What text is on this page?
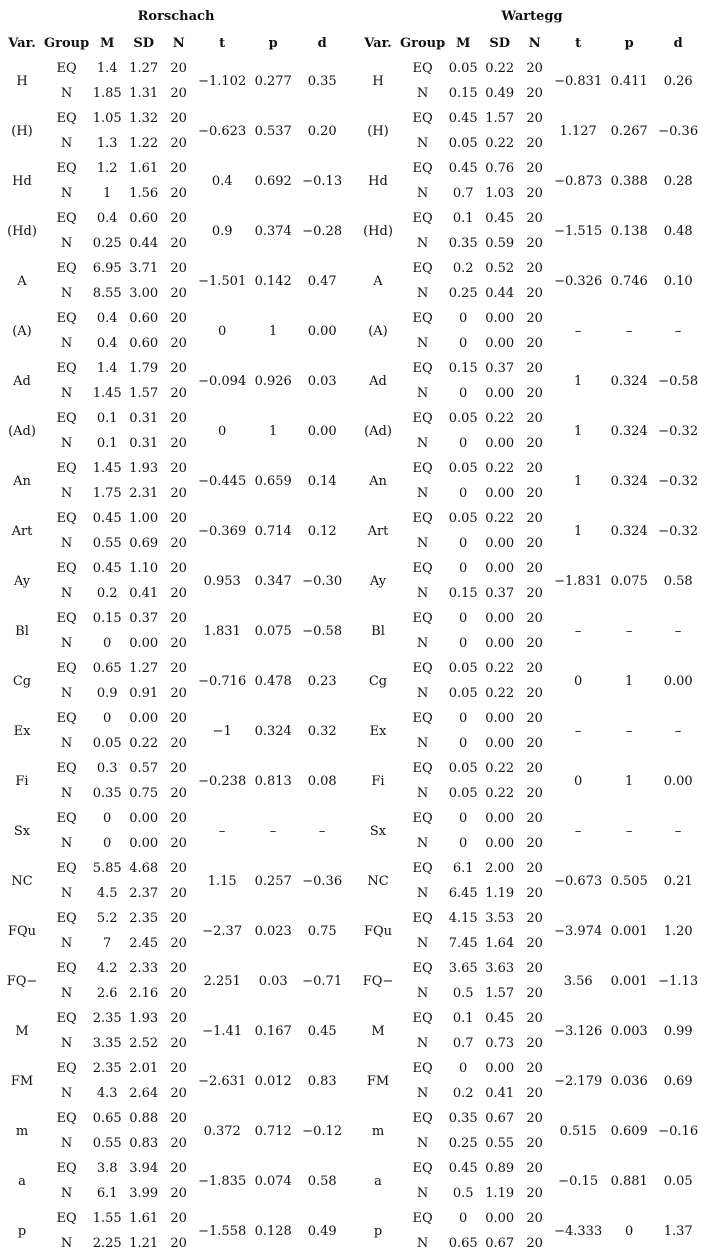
Rorschach	Wartegg
Var.	Group	M	SD	N	t	p	d
H	EQ	1.4	1.27	20	−1.102	0.277	0.35
	N	1.85	1.31	20			
(H)	EQ	1.05	1.32	20	−0.623	0.537	0.20
	N	1.3	1.22	20			
Hd	EQ	1.2	1.61	20	0.4	0.692	−0.13
	N	1	1.56	20			
(Hd)	EQ	0.4	0.60	20	0.9	0.374	−0.28
	N	0.25	0.44	20			
A	EQ	6.95	3.71	20	−1.501	0.142	0.47
	N	8.55	3.00	20			
(A)	EQ	0.4	0.60	20	0	1	0.00
	N	0.4	0.60	20			
Ad	EQ	1.4	1.79	20	−0.094	0.926	0.03
	N	1.45	1.57	20			
(Ad)	EQ	0.1	0.31	20	0	1	0.00
	N	0.1	0.31	20			
An	EQ	1.45	1.93	20	−0.445	0.659	0.14
	N	1.75	2.31	20			
Art	EQ	0.45	1.00	20	−0.369	0.714	0.12
	N	0.55	0.69	20			
Ay	EQ	0.45	1.10	20	0.953	0.347	−0.30
	N	0.2	0.41	20			
Bl	EQ	0.15	0.37	20	1.831	0.075	−0.58
	N	0	0.00	20			
Cg	EQ	0.65	1.27	20	−0.716	0.478	0.23
	N	0.9	0.91	20			
Ex	EQ	0	0.00	20	−1	0.324	0.32
	N	0.05	0.22	20			
Fi	EQ	0.3	0.57	20	−0.238	0.813	0.08
	N	0.35	0.75	20			
Sx	EQ	0	0.00	20	–	–	–
	N	0	0.00	20			
NC	EQ	5.85	4.68	20	1.15	0.257	−0.36
	N	4.5	2.37	20			
FQu	EQ	5.2	2.35	20	−2.37	0.023	0.75
	N	7	2.45	20			
FQ−	EQ	4.2	2.33	20	2.251	0.03	−0.71
	N	2.6	2.16	20			
M	EQ	2.35	1.93	20	−1.41	0.167	0.45
	N	3.35	2.52	20			
FM	EQ	2.35	2.01	20	−2.631	0.012	0.83
	N	4.3	2.64	20			
m	EQ	0.65	0.88	20	0.372	0.712	−0.12
	N	0.55	0.83	20			
a	EQ	3.8	3.94	20	−1.835	0.074	0.58
	N	6.1	3.99	20			
p	EQ	1.55	1.61	20	−1.558	0.128	0.49
	N	2.25	1.21	20			
Var.	Group	M	SD	N	t	p	d
H	EQ	0.05	0.22	20	−0.831	0.411	0.26
	N	0.15	0.49	20			
(H)	EQ	0.45	1.57	20	1.127	0.267	−0.36
	N	0.05	0.22	20			
Hd	EQ	0.45	0.76	20	−0.873	0.388	0.28
	N	0.7	1.03	20			
(Hd)	EQ	0.1	0.45	20	−1.515	0.138	0.48
	N	0.35	0.59	20			
A	EQ	0.2	0.52	20	−0.326	0.746	0.10
	N	0.25	0.44	20			
(A)	EQ	0	0.00	20	–	–	–
	N	0	0.00	20			
Ad	EQ	0.15	0.37	20	1	0.324	−0.58
	N	0	0.00	20			
(Ad)	EQ	0.05	0.22	20	1	0.324	−0.32
	N	0	0.00	20			
An	EQ	0.05	0.22	20	1	0.324	−0.32
	N	0	0.00	20			
Art	EQ	0.05	0.22	20	1	0.324	−0.32
	N	0	0.00	20			
Ay	EQ	0	0.00	20	−1.831	0.075	0.58
	N	0.15	0.37	20			
Bl	EQ	0	0.00	20	–	–	–
	N	0	0.00	20			
Cg	EQ	0.05	0.22	20	0	1	0.00
	N	0.05	0.22	20			
Ex	EQ	0	0.00	20	–	–	–
	N	0	0.00	20			
Fi	EQ	0.05	0.22	20	0	1	0.00
	N	0.05	0.22	20			
Sx	EQ	0	0.00	20	–	–	–
	N	0	0.00	20			
NC	EQ	6.1	2.00	20	−0.673	0.505	0.21
	N	6.45	1.19	20			
FQu	EQ	4.15	3.53	20	−3.974	0.001	1.20
	N	7.45	1.64	20			
FQ−	EQ	3.65	3.63	20	3.56	0.001	−1.13
	N	0.5	1.57	20			
M	EQ	0.1	0.45	20	−3.126	0.003	0.99
	N	0.7	0.73	20			
FM	EQ	0	0.00	20	−2.179	0.036	0.69
	N	0.2	0.41	20			
m	EQ	0.35	0.67	20	0.515	0.609	−0.16
	N	0.25	0.55	20			
a	EQ	0.45	0.89	20	−0.15	0.881	0.05
	N	0.5	1.19	20			
p	EQ	0	0.00	20	−4.333	0	1.37
	N	0.65	0.67	20			
